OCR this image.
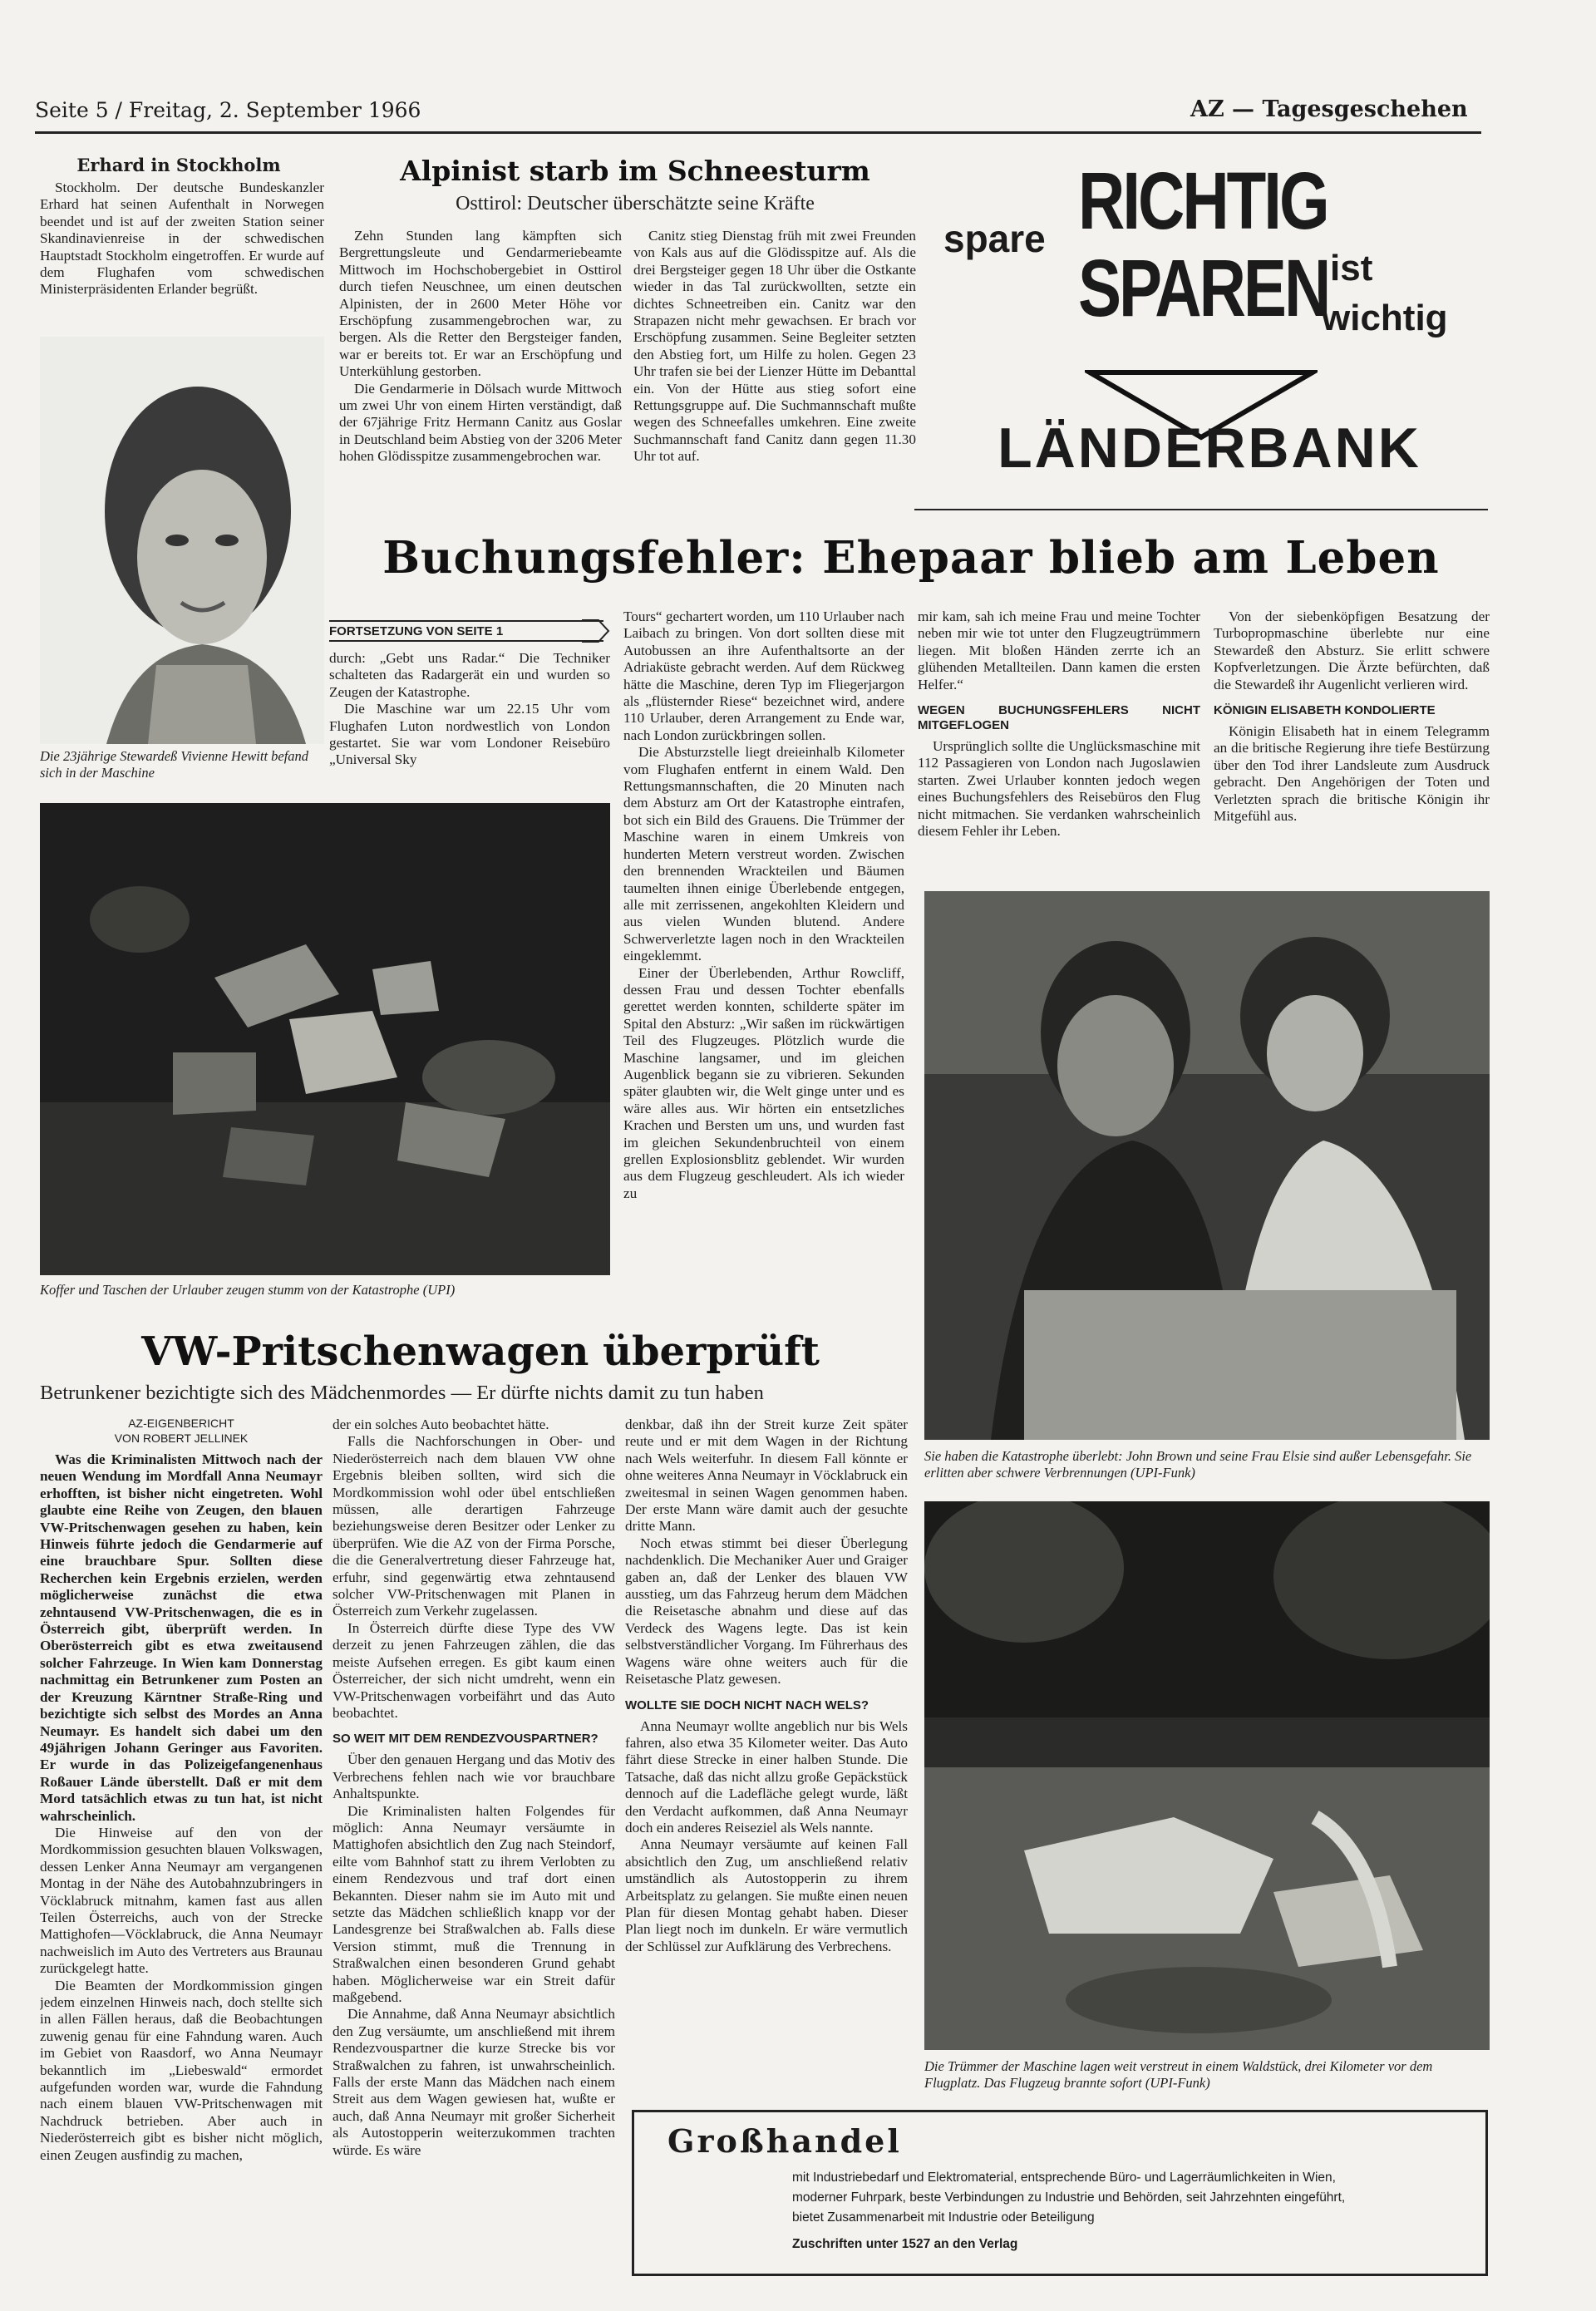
Seite 5 / Freitag, 2. September 1966	AZ — Tagesgeschehen
Erhard in Stockholm

Stockholm. Der deutsche Bundeskanzler Erhard hat seinen Aufenthalt in Norwegen beendet und ist auf der zweiten Station seiner Skandinavienreise in der schwedischen Hauptstadt Stockholm eingetroffen. Er wurde auf dem Flughafen vom schwedischen Ministerpräsidenten Erlander begrüßt.

Die 23jährige Stewardeß Vivienne Hewitt befand sich in der Maschine
Alpinist starb im Schneesturm
Osttirol: Deutscher überschätzte seine Kräfte

Zehn Stunden lang kämpften sich Bergrettungsleute und Gendarmeriebeamte Mittwoch im Hochschobergebiet in Osttirol durch tiefen Neuschnee, um einen deutschen Alpinisten, der in 2600 Meter Höhe vor Erschöpfung zusammengebrochen war, zu bergen. Als die Retter den Bergsteiger fanden, war er bereits tot. Er war an Erschöpfung und Unterkühlung gestorben.

Die Gendarmerie in Dölsach wurde Mittwoch um zwei Uhr von einem Hirten verständigt, daß der 67jährige Fritz Hermann Canitz aus Goslar in Deutschland beim Abstieg von der 3206 Meter hohen Glödisspitze zusammengebrochen war.

Canitz stieg Dienstag früh mit zwei Freunden von Kals aus auf die Glödisspitze auf. Als die drei Bergsteiger gegen 18 Uhr über die Ostkante wieder in das Tal zurückwollten, setzte ein dichtes Schneetreiben ein. Canitz war den Strapazen nicht mehr gewachsen. Er brach vor Erschöpfung zusammen. Seine Begleiter setzten den Abstieg fort, um Hilfe zu holen. Gegen 23 Uhr trafen sie bei der Lienzer Hütte im Debanttal ein. Von der Hütte aus stieg sofort eine Rettungsgruppe auf. Die Suchmannschaft mußte wegen des Schneefalles umkehren. Eine zweite Suchmannschaft fand Canitz dann gegen 11.30 Uhr tot auf.

spare RICHTIG
SPAREN ist
wichtig
LÄNDERBANK
Buchungsfehler: Ehepaar blieb am Leben
FORTSETZUNG VON SEITE 1

durch: „Gebt uns Radar.“ Die Techniker schalteten das Radargerät ein und wurden so Zeugen der Katastrophe.

Die Maschine war um 22.15 Uhr vom Flughafen Luton nordwestlich von London gestartet. Sie war vom Londoner Reisebüro „Universal Sky

Tours“ gechartert worden, um 110 Urlauber nach Laibach zu bringen. Von dort sollten diese mit Autobussen an ihre Aufenthaltsorte an der Adriaküste gebracht werden. Auf dem Rückweg hätte die Maschine, deren Typ im Fliegerjargon als „flüsternder Riese“ bezeichnet wird, andere 110 Urlauber, deren Arrangement zu Ende war, nach London zurückbringen sollen.

Die Absturzstelle liegt dreieinhalb Kilometer vom Flughafen entfernt in einem Wald. Den Rettungsmannschaften, die 20 Minuten nach dem Absturz am Ort der Katastrophe eintrafen, bot sich ein Bild des Grauens. Die Trümmer der Maschine waren in einem Umkreis von hunderten Metern verstreut worden. Zwischen den brennenden Wrackteilen und Bäumen taumelten ihnen einige Überlebende entgegen, alle mit zerrissenen, angekohlten Kleidern und aus vielen Wunden blutend. Andere Schwerverletzte lagen noch in den Wrackteilen eingeklemmt.

Einer der Überlebenden, Arthur Rowcliff, dessen Frau und dessen Tochter ebenfalls gerettet werden konnten, schilderte später im Spital den Absturz: „Wir saßen im rückwärtigen Teil des Flugzeuges. Plötzlich wurde die Maschine langsamer, und im gleichen Augenblick begann sie zu vibrieren. Sekunden später glaubten wir, die Welt ginge unter und es wäre alles aus. Wir hörten ein entsetzliches Krachen und Bersten um uns, und wurden fast im gleichen Sekundenbruchteil von einem grellen Explosionsblitz geblendet. Wir wurden aus dem Flugzeug geschleudert. Als ich wieder zu

mir kam, sah ich meine Frau und meine Tochter neben mir wie tot unter den Flugzeugtrümmern liegen. Mit bloßen Händen zerrte ich an glühenden Metallteilen. Dann kamen die ersten Helfer.“

WEGEN BUCHUNGSFEHLERS NICHT MITGEFLOGEN

Ursprünglich sollte die Unglücksmaschine mit 112 Passagieren von London nach Jugoslawien starten. Zwei Urlauber konnten jedoch wegen eines Buchungsfehlers des Reisebüros den Flug nicht mitmachen. Sie verdanken wahrscheinlich diesem Fehler ihr Leben.

Von der siebenköpfigen Besatzung der Turbopropmaschine überlebte nur eine Stewardeß den Absturz. Sie erlitt schwere Kopfverletzungen. Die Ärzte befürchten, daß die Stewardeß ihr Augenlicht verlieren wird.

KÖNIGIN ELISABETH KONDOLIERTE

Königin Elisabeth hat in einem Telegramm an die britische Regierung ihre tiefe Bestürzung über den Tod ihrer Landsleute zum Ausdruck gebracht. Den Angehörigen der Toten und Verletzten sprach die britische Königin ihr Mitgefühl aus.

Koffer und Taschen der Urlauber zeugen stumm von der Katastrophe (UPI)
Sie haben die Katastrophe überlebt: John Brown und seine Frau Elsie sind außer Lebensgefahr. Sie erlitten aber schwere Verbrennungen (UPI-Funk)
VW-Pritschenwagen überprüft
Betrunkener bezichtigte sich des Mädchenmordes — Er dürfte nichts damit zu tun haben
AZ-EIGENBERICHT
VON ROBERT JELLINEK

Was die Kriminalisten Mittwoch nach der neuen Wendung im Mordfall Anna Neumayr erhofften, ist bisher nicht eingetreten. Wohl glaubte eine Reihe von Zeugen, den blauen VW-Pritschenwagen gesehen zu haben, kein Hinweis führte jedoch die Gendarmerie auf eine brauchbare Spur. Sollten diese Recherchen kein Ergebnis erzielen, werden möglicherweise zunächst die etwa zehntausend VW-Pritschenwagen, die es in Österreich gibt, überprüft werden. In Oberösterreich gibt es etwa zweitausend solcher Fahrzeuge. In Wien kam Donnerstag nachmittag ein Betrunkener zum Posten an der Kreuzung Kärntner Straße-Ring und bezichtigte sich selbst des Mordes an Anna Neumayr. Es handelt sich dabei um den 49jährigen Johann Geringer aus Favoriten. Er wurde in das Polizeigefangenenhaus Roßauer Lände überstellt. Daß er mit dem Mord tatsächlich etwas zu tun hat, ist nicht wahrscheinlich.

Die Hinweise auf den von der Mordkommission gesuchten blauen Volkswagen, dessen Lenker Anna Neumayr am vergangenen Montag in der Nähe des Autobahnzubringers in Vöcklabruck mitnahm, kamen fast aus allen Teilen Österreichs, auch von der Strecke Mattighofen—Vöcklabruck, die Anna Neumayr nachweislich im Auto des Vertreters aus Braunau zurückgelegt hatte.

Die Beamten der Mordkommission gingen jedem einzelnen Hinweis nach, doch stellte sich in allen Fällen heraus, daß die Beobachtungen zuwenig genau für eine Fahndung waren. Auch im Gebiet von Raasdorf, wo Anna Neumayr bekanntlich im „Liebeswald“ ermordet aufgefunden worden war, wurde die Fahndung nach einem blauen VW-Pritschenwagen mit Nachdruck betrieben. Aber auch in Niederösterreich gibt es bisher nicht möglich, einen Zeugen ausfindig zu machen,

der ein solches Auto beobachtet hätte.

Falls die Nachforschungen in Ober- und Niederösterreich nach dem blauen VW ohne Ergebnis bleiben sollten, wird sich die Mordkommission wohl oder übel entschließen müssen, alle derartigen Fahrzeuge beziehungsweise deren Besitzer oder Lenker zu überprüfen. Wie die AZ von der Firma Porsche, die die Generalvertretung dieser Fahrzeuge hat, erfuhr, sind gegenwärtig etwa zehntausend solcher VW-Pritschenwagen mit Planen in Österreich zum Verkehr zugelassen.

In Österreich dürfte diese Type des VW derzeit zu jenen Fahrzeugen zählen, die das meiste Aufsehen erregen. Es gibt kaum einen Österreicher, der sich nicht umdreht, wenn ein VW-Pritschenwagen vorbeifährt und das Auto beobachtet.

SO WEIT MIT DEM RENDEZVOUSPARTNER?

Über den genauen Hergang und das Motiv des Verbrechens fehlen nach wie vor brauchbare Anhaltspunkte.

Die Kriminalisten halten Folgendes für möglich: Anna Neumayr versäumte in Mattighofen absichtlich den Zug nach Steindorf, eilte vom Bahnhof statt zu ihrem Verlobten zu einem Rendezvous und traf dort einen Bekannten. Dieser nahm sie im Auto mit und setzte das Mädchen schließlich knapp vor der Landesgrenze bei Straßwalchen ab. Falls diese Version stimmt, muß die Trennung in Straßwalchen einen besonderen Grund gehabt haben. Möglicherweise war ein Streit dafür maßgebend.

Die Annahme, daß Anna Neumayr absichtlich den Zug versäumte, um anschließend mit ihrem Rendezvouspartner die kurze Strecke bis vor Straßwalchen zu fahren, ist unwahrscheinlich. Falls der erste Mann das Mädchen nach einem Streit aus dem Wagen gewiesen hat, wußte er auch, daß Anna Neumayr mit großer Sicherheit als Autostopperin weiterzukommen trachten würde. Es wäre

denkbar, daß ihn der Streit kurze Zeit später reute und er mit dem Wagen in der Richtung nach Wels weiterfuhr. In diesem Fall könnte er ohne weiteres Anna Neumayr in Vöcklabruck ein zweitesmal in seinen Wagen genommen haben. Der erste Mann wäre damit auch der gesuchte dritte Mann.

Noch etwas stimmt bei dieser Überlegung nachdenklich. Die Mechaniker Auer und Graiger gaben an, daß der Lenker des blauen VW ausstieg, um das Fahrzeug herum dem Mädchen die Reisetasche abnahm und diese auf das Verdeck des Wagens legte. Das ist kein selbstverständlicher Vorgang. Im Führerhaus des Wagens wäre ohne weiters auch für die Reisetasche Platz gewesen.

WOLLTE SIE DOCH NICHT NACH WELS?

Anna Neumayr wollte angeblich nur bis Wels fahren, also etwa 35 Kilometer weiter. Das Auto fährt diese Strecke in einer halben Stunde. Die Tatsache, daß das nicht allzu große Gepäckstück dennoch auf die Ladefläche gelegt wurde, läßt den Verdacht aufkommen, daß Anna Neumayr doch ein anderes Reiseziel als Wels nannte.

Anna Neumayr versäumte auf keinen Fall absichtlich den Zug, um anschließend relativ umständlich als Autostopperin zu ihrem Arbeitsplatz zu gelangen. Sie mußte einen neuen Plan für diesen Montag gehabt haben. Dieser Plan liegt noch im dunkeln. Er wäre vermutlich der Schlüssel zur Aufklärung des Verbrechens.

Die Trümmer der Maschine lagen weit verstreut in einem Waldstück, drei Kilometer vor dem Flugplatz. Das Flugzeug brannte sofort (UPI-Funk)
Großhandel
mit Industriebedarf und Elektromaterial, entsprechende Büro- und Lagerräumlichkeiten in Wien,
moderner Fuhrpark, beste Verbindungen zu Industrie und Behörden, seit Jahrzehnten eingeführt,
bietet Zusammenarbeit mit Industrie oder Beteiligung
Zuschriften unter 1527 an den Verlag
